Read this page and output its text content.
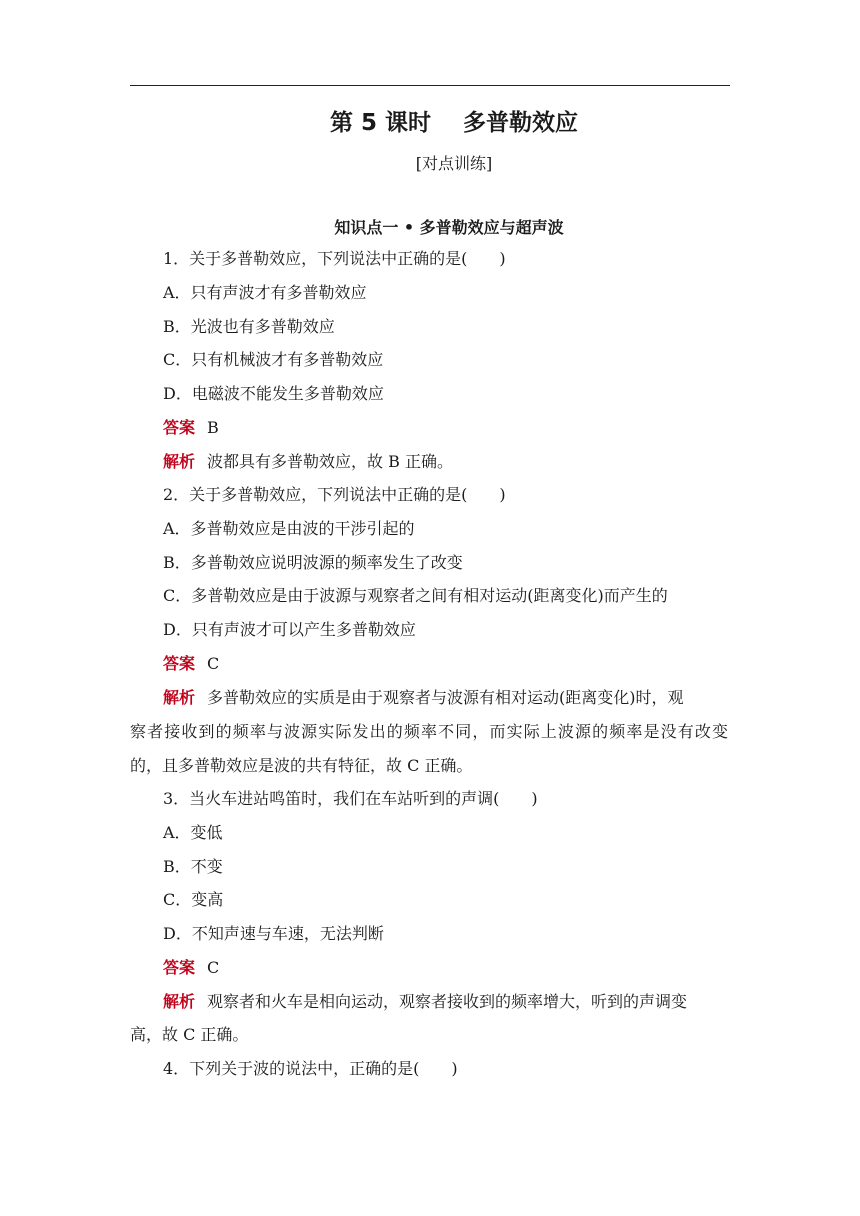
第 5 课时    多普勒效应
[对点训练]
知识点一 • 多普勒效应与超声波
1．关于多普勒效应，下列说法中正确的是(　　)
A．只有声波才有多普勒效应
B．光波也有多普勒效应
C．只有机械波才有多普勒效应
D．电磁波不能发生多普勒效应
答案 B
解析 波都具有多普勒效应，故 B 正确。
2．关于多普勒效应，下列说法中正确的是(　　)
A．多普勒效应是由波的干涉引起的
B．多普勒效应说明波源的频率发生了改变
C．多普勒效应是由于波源与观察者之间有相对运动(距离变化)而产生的
D．只有声波才可以产生多普勒效应
答案 C
解析 多普勒效应的实质是由于观察者与波源有相对运动(距离变化)时，观
察者接收到的频率与波源实际发出的频率不同，而实际上波源的频率是没有改变
的，且多普勒效应是波的共有特征，故 C 正确。
3．当火车进站鸣笛时，我们在车站听到的声调(　　)
A．变低
B．不变
C．变高
D．不知声速与车速，无法判断
答案 C
解析 观察者和火车是相向运动，观察者接收到的频率增大，听到的声调变
高，故 C 正确。
4．下列关于波的说法中，正确的是(　　)
